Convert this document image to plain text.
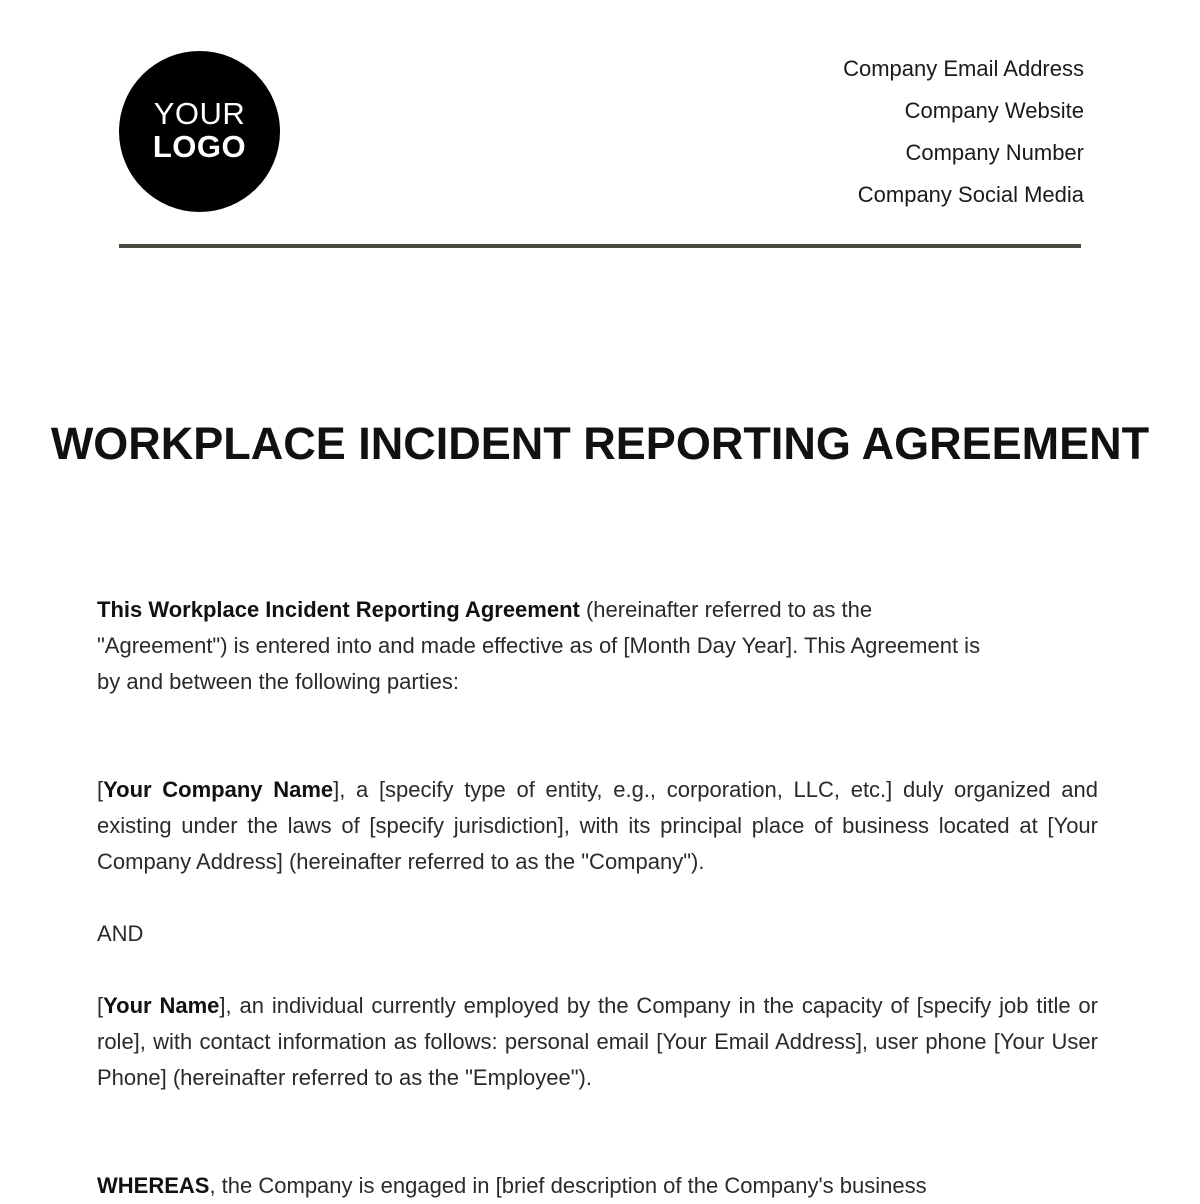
YOUR
LOGO
Company Email Address
Company Website
Company Number
Company Social Media
WORKPLACE INCIDENT REPORTING AGREEMENT

This Workplace Incident Reporting Agreement (hereinafter referred to as the "Agreement") is entered into and made effective as of [Month Day Year]. This Agreement is by and between the following parties:

[Your Company Name], a [specify type of entity, e.g., corporation, LLC, etc.] duly organized and existing under the laws of [specify jurisdiction], with its principal place of business located at [Your Company Address] (hereinafter referred to as the "Company").

AND

[Your Name], an individual currently employed by the Company in the capacity of [specify job title or role], with contact information as follows: personal email [Your Email Address], user phone [Your User Phone] (hereinafter referred to as the "Employee").

WHEREAS, the Company is engaged in [brief description of the Company's business
